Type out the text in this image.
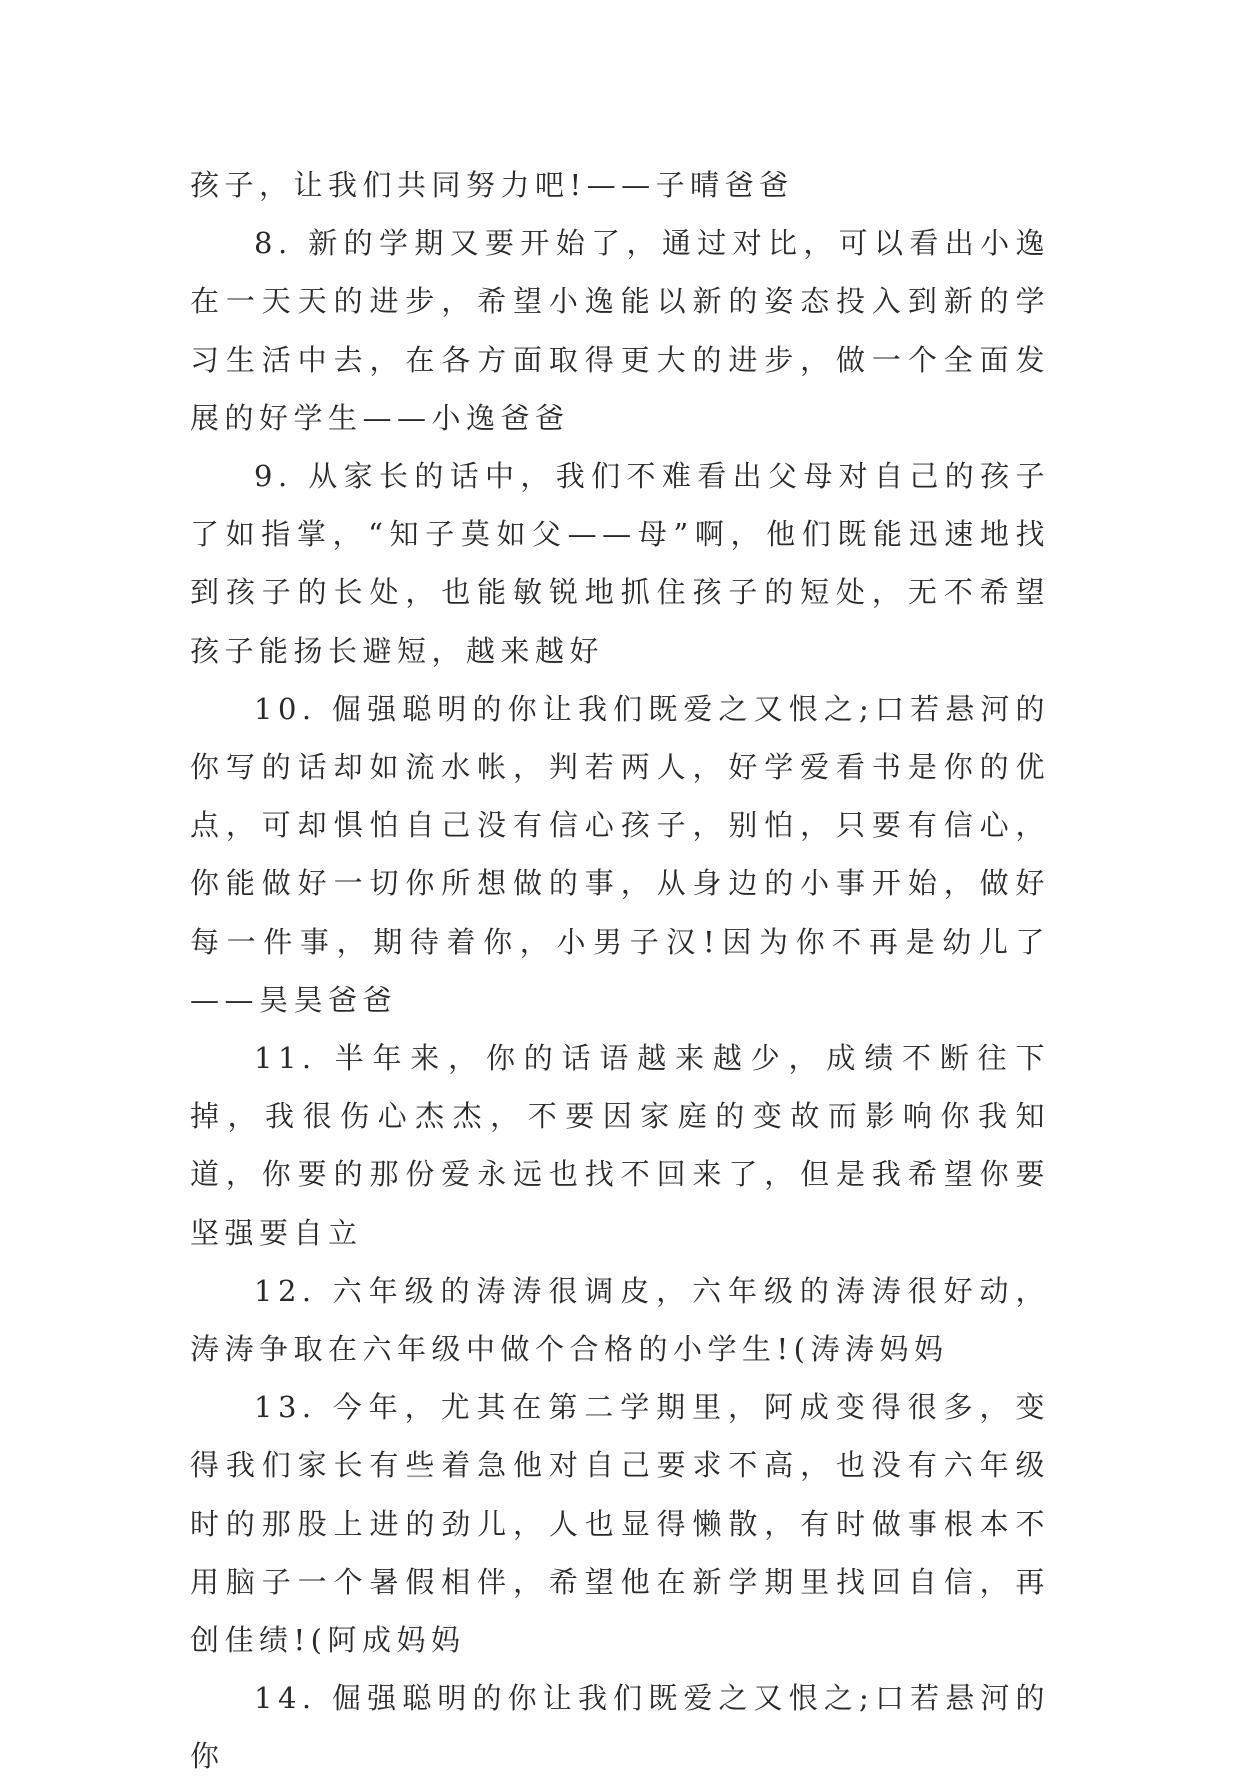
孩子，让我们共同努力吧!——子晴爸爸

8. 新的学期又要开始了，通过对比，可以看出小逸在一天天的进步，希望小逸能以新的姿态投入到新的学习生活中去，在各方面取得更大的进步，做一个全面发展的好学生——小逸爸爸

9. 从家长的话中，我们不难看出父母对自己的孩子了如指掌，“知子莫如父——母”啊，他们既能迅速地找到孩子的长处，也能敏锐地抓住孩子的短处，无不希望孩子能扬长避短，越来越好

10. 倔强聪明的你让我们既爱之又恨之;口若悬河的你写的话却如流水帐，判若两人，好学爱看书是你的优点，可却惧怕自己没有信心孩子，别怕，只要有信心，你能做好一切你所想做的事，从身边的小事开始，做好每一件事，期待着你，小男子汉!因为你不再是幼儿了——昊昊爸爸

11. 半年来，你的话语越来越少，成绩不断往下掉，我很伤心杰杰，不要因家庭的变故而影响你我知道，你要的那份爱永远也找不回来了，但是我希望你要坚强要自立

12. 六年级的涛涛很调皮，六年级的涛涛很好动，涛涛争取在六年级中做个合格的小学生!(涛涛妈妈

13. 今年，尤其在第二学期里，阿成变得很多，变得我们家长有些着急他对自己要求不高，也没有六年级时的那股上进的劲儿，人也显得懒散，有时做事根本不用脑子一个暑假相伴，希望他在新学期里找回自信，再创佳绩!(阿成妈妈

14. 倔强聪明的你让我们既爱之又恨之;口若悬河的你
